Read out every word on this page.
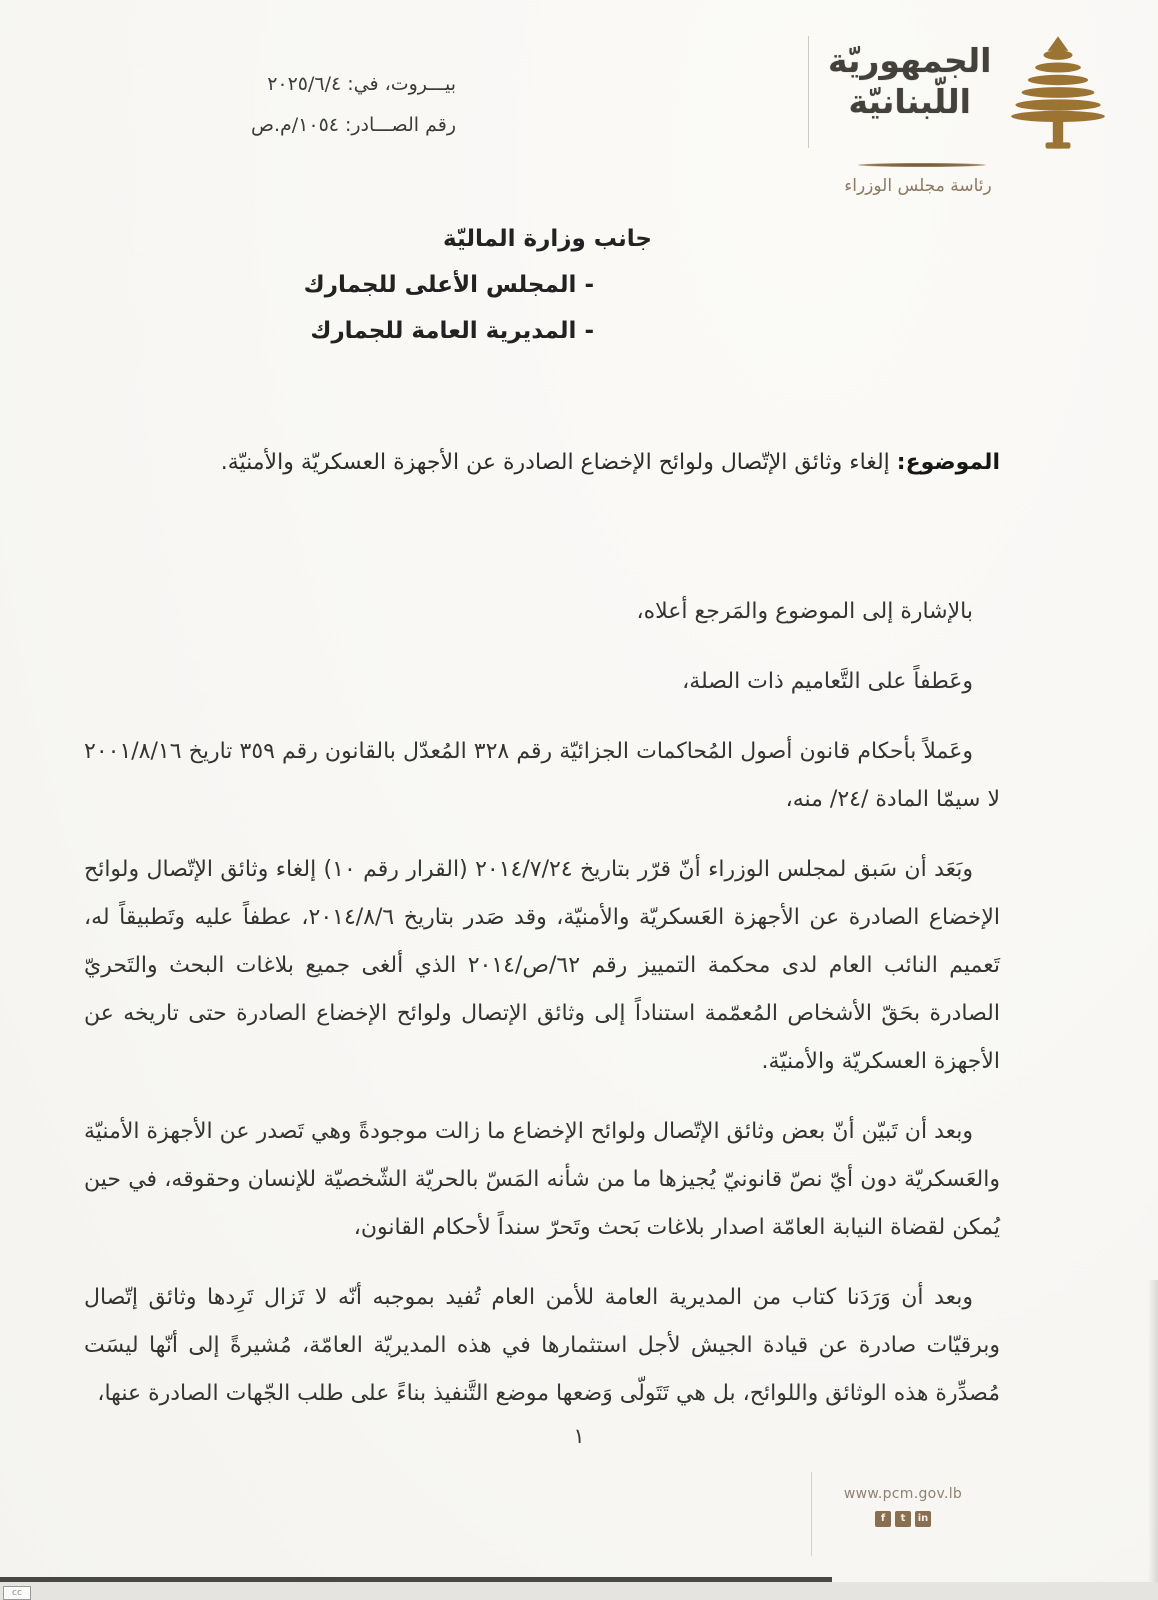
الجمهوريّة
اللّبنانيّة
رئاسة مجلس الوزراء
بيـــروت، في:٢٠٢٥/٦/٤
رقم الصـــادر:١٠٥٤/م.ص
جانب وزارة الماليّة
- المجلس الأعلى للجمارك
- المديرية العامة للجمارك
الموضوع:إلغاء وثائق الإتّصال ولوائح الإخضاع الصادرة عن الأجهزة العسكريّة والأمنيّة.

بالإشارة إلى الموضوع والمَرجع أعلاه،

وعَطفاً على التَّعاميم ذات الصلة،

وعَملاً بأحكام قانون أصول المُحاكمات الجزائيّة رقم ٣٢٨ المُعدّل بالقانون رقم ٣٥٩ تاريخ ٢٠٠١/٨/١٦ لا سيمّا المادة /٢٤/ منه،

وبَعَد أن سَبق لمجلس الوزراء أنّ قرّر بتاريخ ٢٠١٤/٧/٢٤ (القرار رقم ١٠) إلغاء وثائق الإتّصال ولوائح الإخضاع الصادرة عن الأجهزة العَسكريّة والأمنيّة، وقد صَدر بتاريخ ٢٠١٤/٨/٦، عطفاً عليه وتَطبيقاً له، تَعميم النائب العام لدى محكمة التمييز رقم ٦٢/ص/٢٠١٤ الذي ألغى جميع بلاغات البحث والتَحريّ الصادرة بحَقّ الأشخاص المُعمّمة استناداً إلى وثائق الإتصال ولوائح الإخضاع الصادرة حتى تاريخه عن الأجهزة العسكريّة والأمنيّة.

وبعد أن تَبيّن أنّ بعض وثائق الإتّصال ولوائح الإخضاع ما زالت موجودةً وهي تَصدر عن الأجهزة الأمنيّة والعَسكريّة دون أيّ نصّ قانونيّ يُجيزها ما من شأنه المَسّ بالحريّة الشّخصيّة للإنسان وحقوقه، في حين يُمكن لقضاة النيابة العامّة اصدار بلاغات بَحث وتَحرّ سنداً لأحكام القانون،

وبعد أن وَرَدَنا كتاب من المديرية العامة للأمن العام تُفيد بموجبه أنّه لا تَزال تَرِدها وثائق إتّصال وبرقيّات صادرة عن قيادة الجيش لأجل استثمارها في هذه المديريّة العامّة، مُشيرةً إلى أنّها ليسَت مُصدِّرة هذه الوثائق واللوائح، بل هي تَتَولّى وَضعها موضع التَّنفيذ بناءً على طلب الجّهات الصادرة عنها،

١
www.pcm.gov.lb
f	t	in
cc
